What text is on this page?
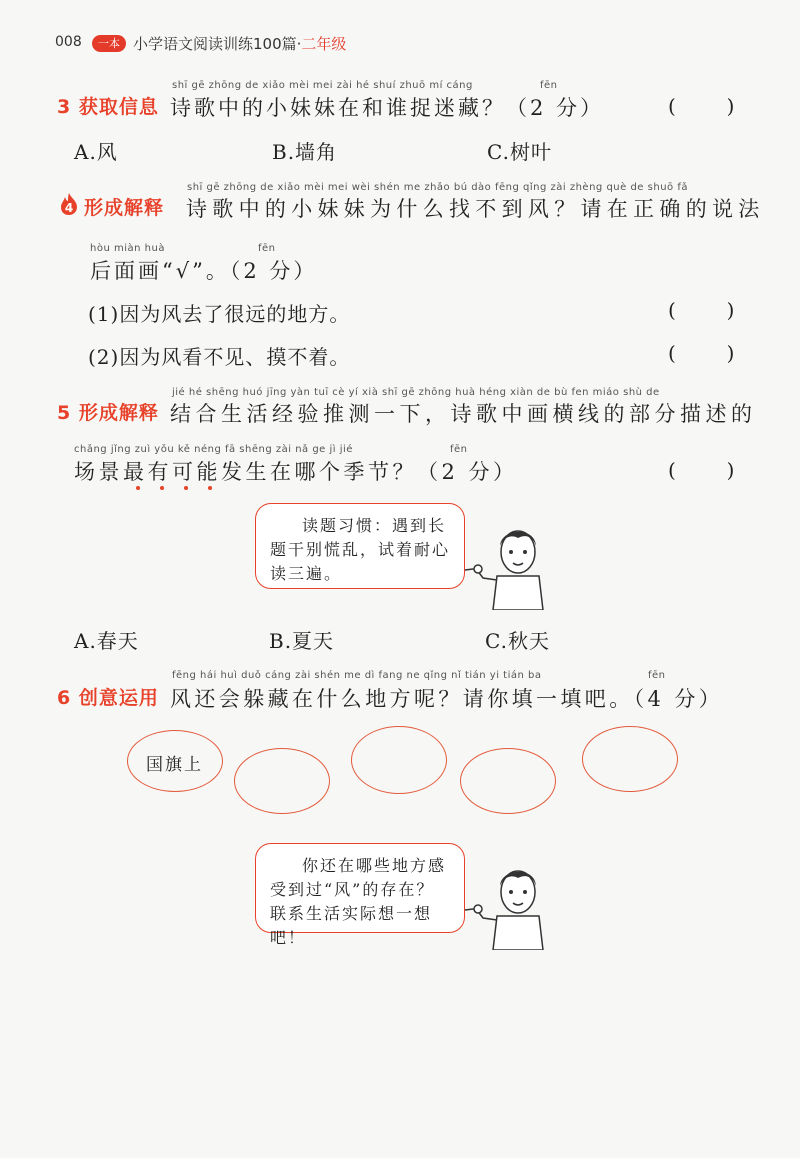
008	一本 小学语文阅读训练100篇·二年级
shī gē zhōng de xiǎo mèi mei zài hé shuí zhuō mí cáng	fēn
3 获取信息 诗歌中的小妹妹在和谁捉迷藏？（2 分）	(        )
A.风	B.墙角	C.树叶
4
shī gē zhōng de xiǎo mèi mei wèi shén me zhǎo bú dào fēng qǐng zài zhèng què de shuō fǎ
形成解释 诗歌中的小妹妹为什么找不到风？请在正确的说法
hòu miàn huà	fēn
后面画“√”。（2 分）
(1)因为风去了很远的地方。	(        )
(2)因为风看不见、摸不着。	(        )
jié hé shēng huó jīng yàn tuī cè yí xià shī gē zhōng huà héng xiàn de bù fen miáo shù de
5 形成解释 结合生活经验推测一下，诗歌中画横线的部分描述的
chǎng jǐng zuì yǒu kě néng fā shēng zài nǎ ge jì jié	fēn
场景最有可能发生在哪个季节？（2 分）	(        )
读题习惯：遇到长题干别慌乱，试着耐心读三遍。
A.春天	B.夏天	C.秋天
fēng hái huì duǒ cáng zài shén me dì fang ne qǐng nǐ tián yi tián ba	fēn
6 创意运用 风还会躲藏在什么地方呢？请你填一填吧。（4 分）
国旗上
你还在哪些地方感受到过“风”的存在？联系生活实际想一想吧！
